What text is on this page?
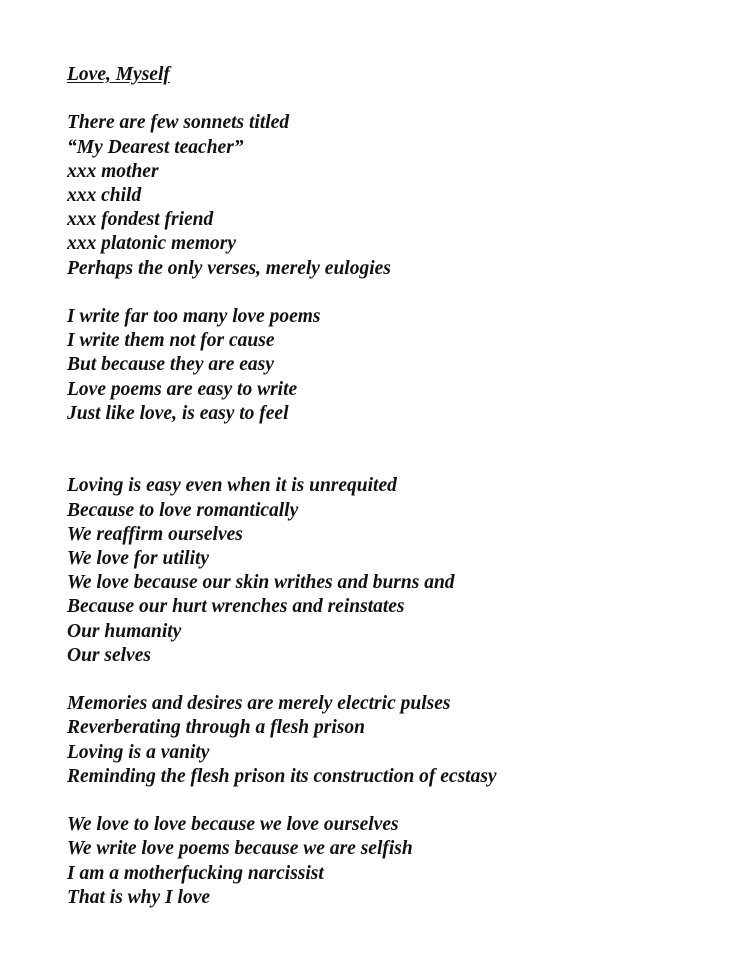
Love, Myself
There are few sonnets titled
“My Dearest teacher”
xxx mother
xxx child
xxx fondest friend
xxx platonic memory
Perhaps the only verses, merely eulogies
I write far too many love poems
I write them not for cause
But because they are easy
Love poems are easy to write
Just like love, is easy to feel
Loving is easy even when it is unrequited
Because to love romantically
We reaffirm ourselves
We love for utility
We love because our skin writhes and burns and
Because our hurt wrenches and reinstates
Our humanity
Our selves
Memories and desires are merely electric pulses
Reverberating through a flesh prison
Loving is a vanity
Reminding the flesh prison its construction of ecstasy
We love to love because we love ourselves
We write love poems because we are selfish
I am a motherfucking narcissist
That is why I love
